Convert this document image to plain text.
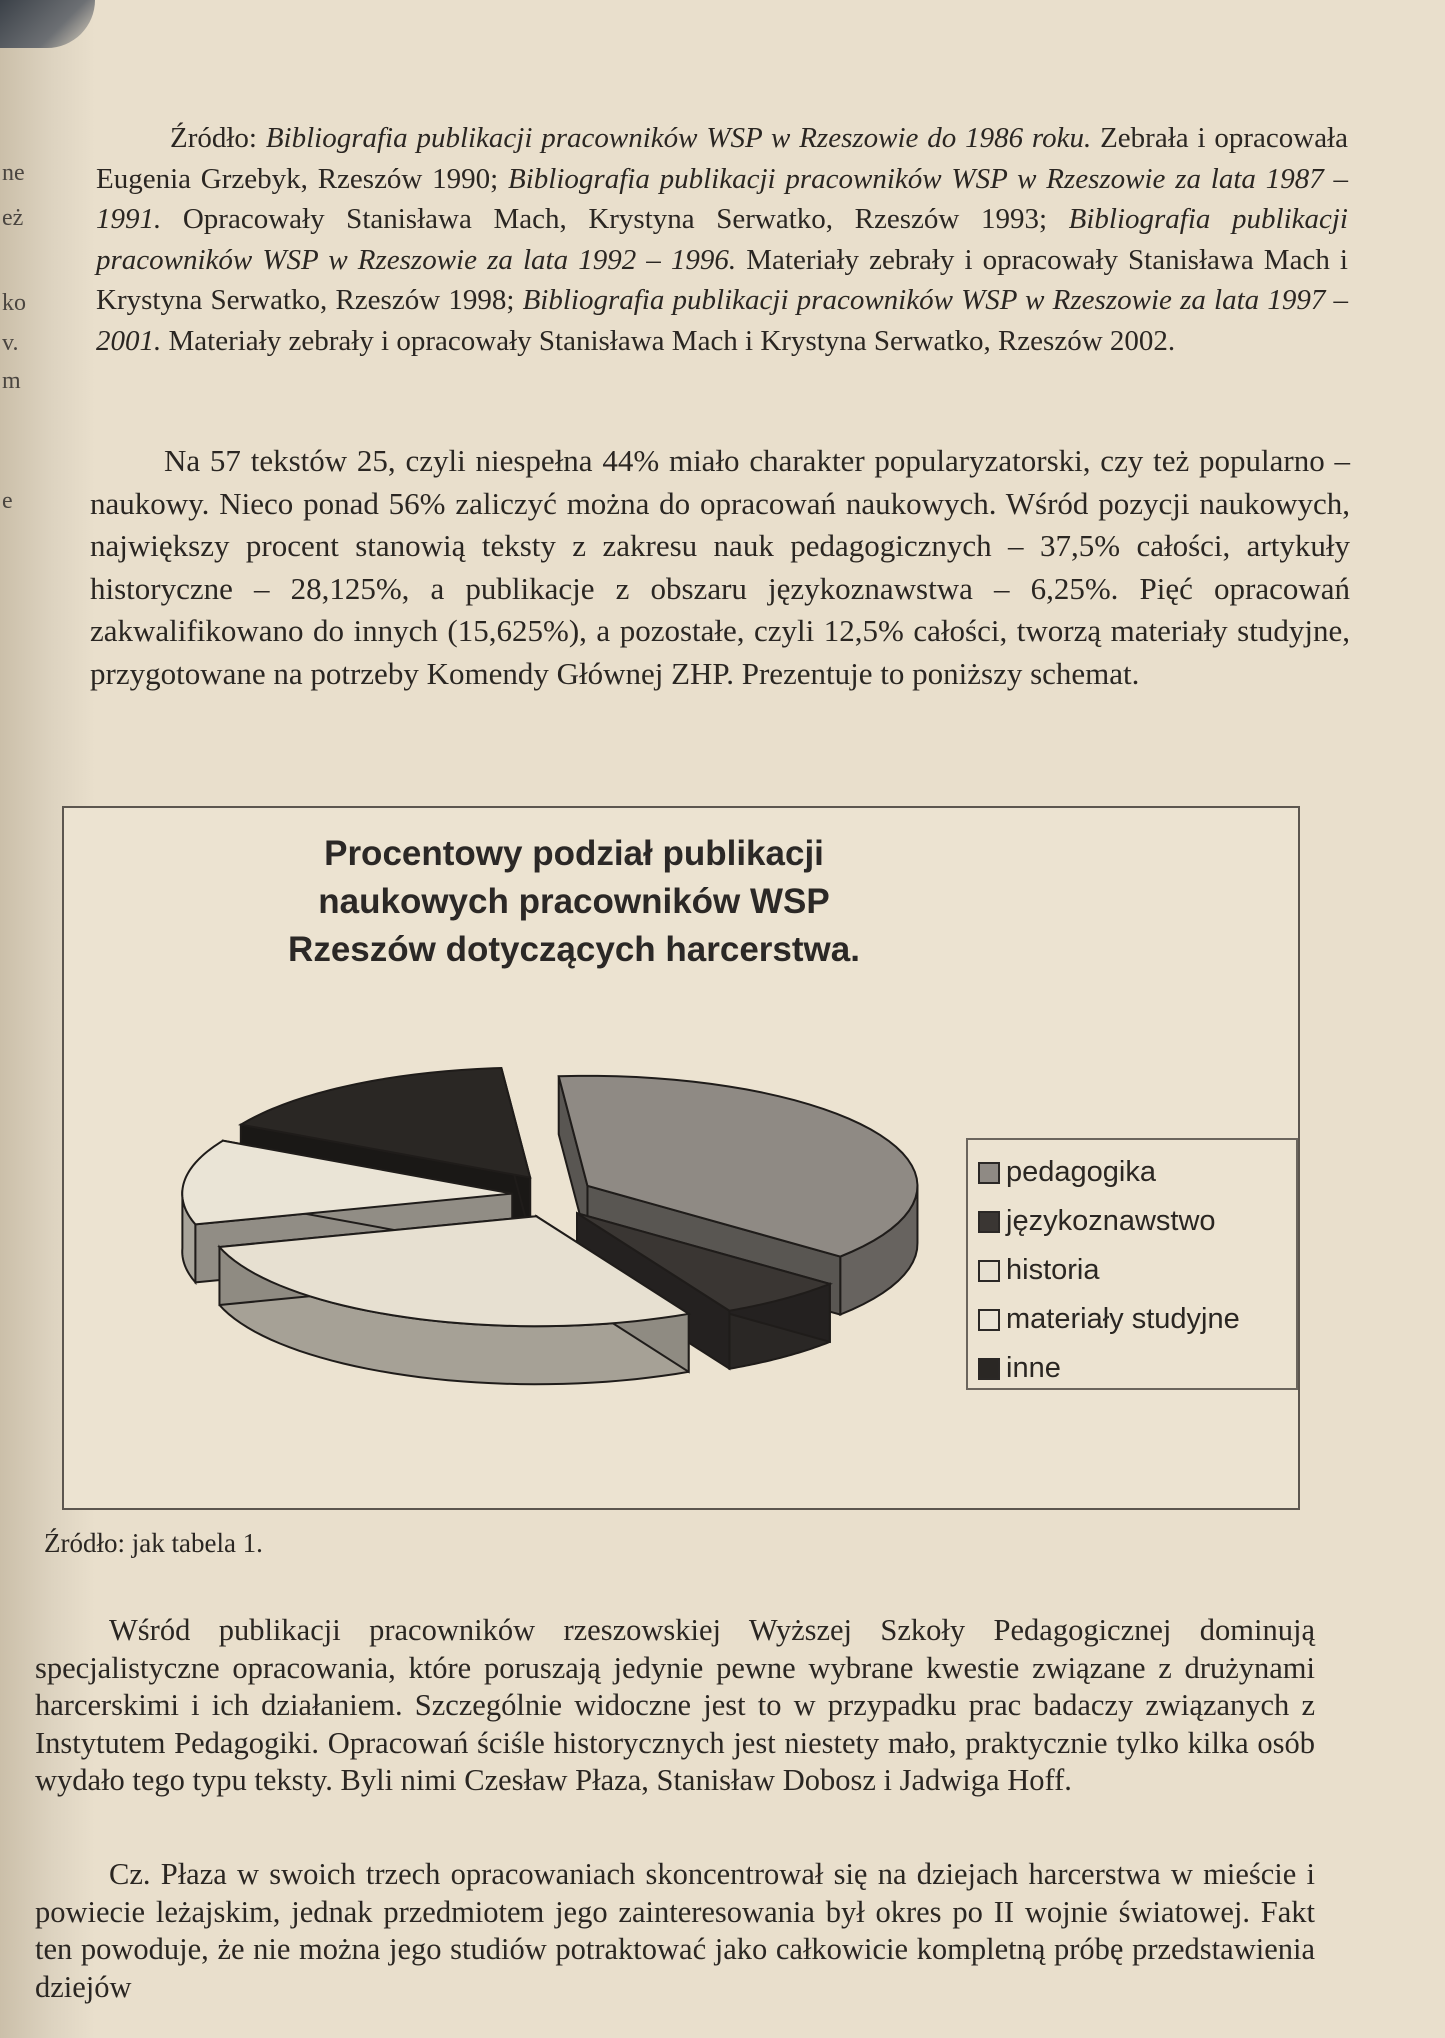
ne
eż
ko
v.
m
e

Źródło: Bibliografia publikacji pracowników WSP w Rzeszowie do 1986 roku. Zebrała i opracowała Eugenia Grzebyk, Rzeszów 1990; Bibliografia publikacji pracowników WSP w Rzeszowie za lata 1987 – 1991. Opracowały Stanisława Mach, Krystyna Serwatko, Rzeszów 1993; Bibliografia publikacji pracowników WSP w Rzeszowie za lata 1992 – 1996. Materiały zebrały i opracowały Stanisława Mach i Krystyna Serwatko, Rzeszów 1998; Bibliografia publikacji pracowników WSP w Rzeszowie za lata 1997 – 2001. Materiały zebrały i opracowały Stanisława Mach i Krystyna Serwatko, Rzeszów 2002.

Na 57 tekstów 25, czyli niespełna 44% miało charakter popularyzatorski, czy też popularno – naukowy. Nieco ponad 56% zaliczyć można do opracowań naukowych. Wśród pozycji naukowych, największy procent stanowią teksty z zakresu nauk pedagogicznych – 37,5% całości, artykuły historyczne – 28,125%, a publikacje z obszaru językoznawstwa – 6,25%. Pięć opracowań zakwalifikowano do innych (15,625%), a pozostałe, czyli 12,5% całości, tworzą materiały studyjne, przygotowane na potrzeby Komendy Głównej ZHP. Prezentuje to poniższy schemat.

Procentowy podział publikacji naukowych pracowników WSP Rzeszów dotyczących harcerstwa.
pedagogika
językoznawstwo
historia
materiały studyjne
inne
Źródło: jak tabela 1.

Wśród publikacji pracowników rzeszowskiej Wyższej Szkoły Pedagogicznej dominują specjalistyczne opracowania, które poruszają jedynie pewne wybrane kwestie związane z drużynami harcerskimi i ich działaniem. Szczególnie widoczne jest to w przypadku prac badaczy związanych z Instytutem Pedagogiki. Opracowań ściśle historycznych jest niestety mało, praktycznie tylko kilka osób wydało tego typu teksty. Byli nimi Czesław Płaza, Stanisław Dobosz i Jadwiga Hoff.

Cz. Płaza w swoich trzech opracowaniach skoncentrował się na dziejach harcerstwa w mieście i powiecie leżajskim, jednak przedmiotem jego zainteresowania był okres po II wojnie światowej. Fakt ten powoduje, że nie można jego studiów potraktować jako całkowicie kompletną próbę przedstawienia dziejów
